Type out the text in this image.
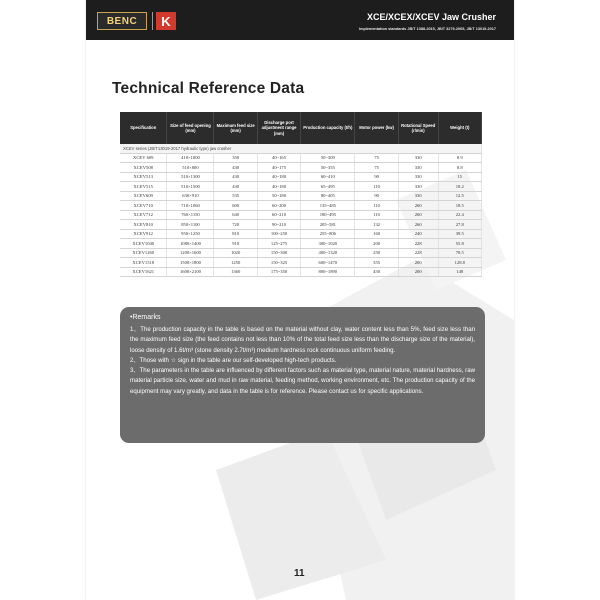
BENC	K	XCE/XCEX/XCEV Jaw Crusher
Implementation standards JB/T 1388-2015, JB/T 3279-2005, JB/T 13019-2017
Technical Reference Data
Specification	Size of feed opening (mm)	Maximum feed size (mm)	Discharge port adjustment range (mm)	Production capacity (t/h)	Motor power (kw)	Rotational Speed (r/min)	Weight (t)
XCEV series (JB/T13019-2017 hydraulic type) jaw crusher							
XCEV 609	410×1000	350	40~165	50~309	75	330	8.9
XCEV508	510×800	430	40~175	50~355	75	330	8.8
XCEV513	510×1300	430	40~180	60~410	90	330	15
XCEV515	510×1500	430	40~180	65~495	110	330	18.2
XCEV609	630×910	535	50~180	80~405	90	330	12.5
XCEV710	710×1060	600	60~200	135~485	110	260	18.5
XCEV712	760×1150	640	60~210	180~495	110	260	22.4
XCEV810	850×1100	720	90~210	205~581	132	260	27.8
XCEV912	950×1250	810	100~250	255~806	160	240	39.5
XCEV1040	1080×1400	910	125~275	300~1020	200	228	55.8
XCEV1260	1200×1600	1020	150~300	400~1320	250	228	78.5
XCEV1518	1500×1800	1250	150~325	600~1470	355	200	128.8
XCEV1621	1600×2100	1360	175~350	800~1890	450	200	148
•Remarks

1、The production capacity in the table is based on the material without clay, water content less than 5%, feed size less than the maximum feed size (the feed contains not less than 10% of the total feed size less than the discharge size of the material), loose density of 1.6t/m³ (stone density 2.7t/m³) medium hardness rock continuous uniform feeding.

2、Those with ☆ sign in the table are our self-developed high-tech products.

3、The parameters in the table are influenced by different factors such as material type, material nature, material hardness, raw material particle size, water and mud in raw material, feeding method, working environment, etc. The production capacity of the equipment may vary greatly, and data in the table is for reference. Please contact us for specific applications.

11
